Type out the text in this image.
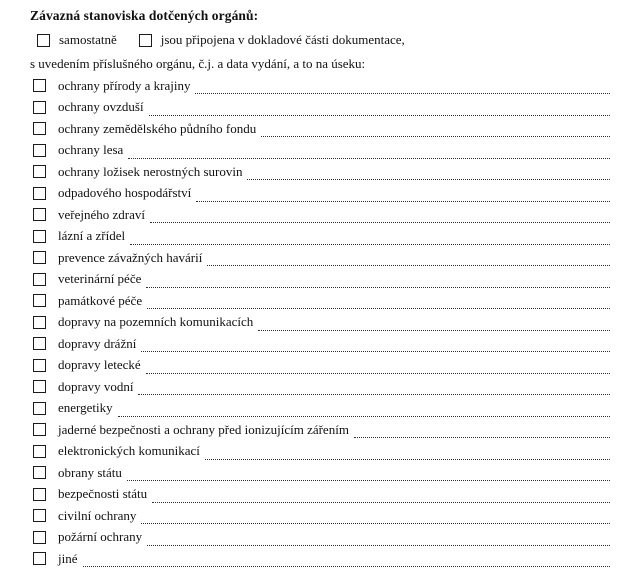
Závazná stanoviska dotčených orgánů:
samostatně	jsou připojena v dokladové části dokumentace,
s uvedením příslušného orgánu, č.j. a data vydání, a to na úseku:
ochrany přírody a krajiny
ochrany ovzduší
ochrany zemědělského půdního fondu
ochrany lesa
ochrany ložisek nerostných surovin
odpadového hospodářství
veřejného zdraví
lázní a zřídel
prevence závažných havárií
veterinární péče
památkové péče
dopravy na pozemních komunikacích
dopravy drážní
dopravy letecké
dopravy vodní
energetiky
jaderné bezpečnosti a ochrany před ionizujícím zářením
elektronických komunikací
obrany státu
bezpečnosti státu
civilní ochrany
požární ochrany
jiné
